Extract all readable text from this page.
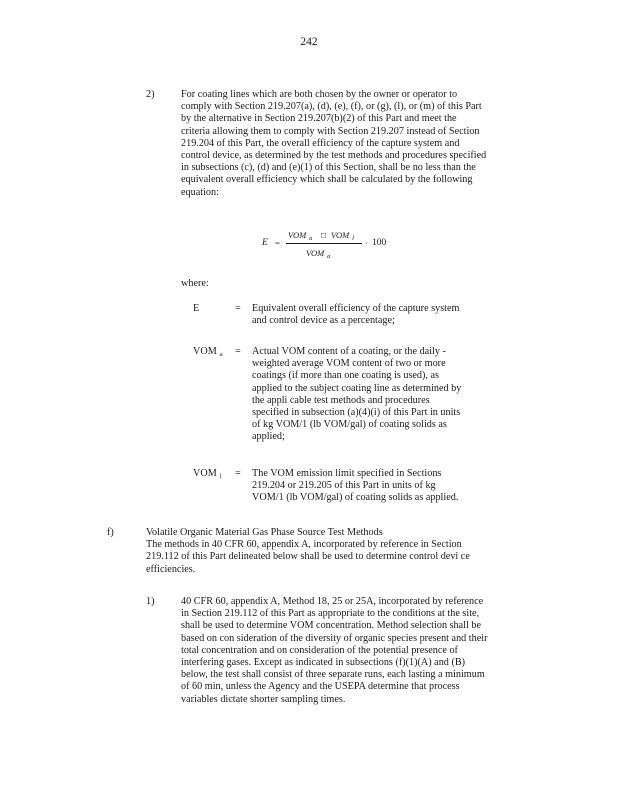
242
2)	For coating lines which are both chosen by the owner or operator to
comply with Section 219.207(a), (d), (e), (f), or (g), (l), or (m) of this Part
by the alternative in Section 219.207(b)(2) of this Part and meet the
criteria allowing them to comply with Section 219.207 instead of Section
219.204 of this Part, the overall efficiency of the capture system and
control device, as determined by the test methods and procedures specified
in subsections (c), (d) and (e)(1) of this Section, shall be no less than the
equivalent overall efficiency which shall be calculated by the following
equation:
E =
VOM $_a$ □ VOM $_l$
VOM $_a$
· 100
where:
E	= Equivalent overall efficiency of the capture system
and control device as a percentage;
VOM $_a$ = Actual VOM content of a coating, or the daily -
weighted average VOM content of two or more
coatings (if more than one coating is used), as
applied to the subject coating line as determined by
the appli cable test methods and procedures
specified in subsection (a)(4)(i) of this Part in units
of kg VOM/1 (lb VOM/gal) of coating solids as
applied;
VOM $_l$ = The VOM emission limit specified in Sections
219.204 or 219.205 of this Part in units of kg
VOM/1 (lb VOM/gal) of coating solids as applied.
f)	Volatile Organic Material Gas Phase Source Test Methods
The methods in 40 CFR 60, appendix A, incorporated by reference in Section
219.112 of this Part delineated below shall be used to determine control devi ce
efficiencies.
1)	40 CFR 60, appendix A, Method 18, 25 or 25A, incorporated by reference
in Section 219.112 of this Part as appropriate to the conditions at the site,
shall be used to determine VOM concentration. Method selection shall be
based on con sideration of the diversity of organic species present and their
total concentration and on consideration of the potential presence of
interfering gases. Except as indicated in subsections (f)(1)(A) and (B)
below, the test shall consist of three separate runs, each lasting a minimum
of 60 min, unless the Agency and the USEPA determine that process
variables dictate shorter sampling times.
